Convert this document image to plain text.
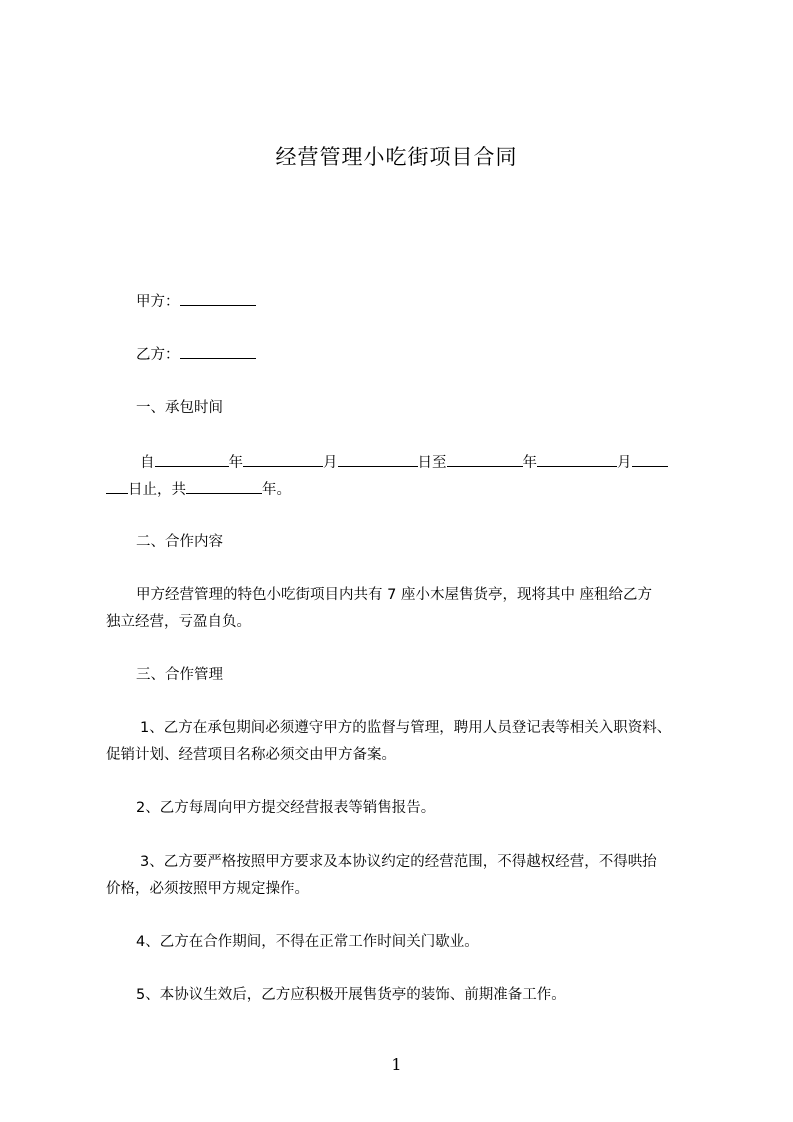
经营管理小吃街项目合同
甲方：
乙方：
一、承包时间
自	年	月	日至	年	月
日止，共	年。
二、合作内容
甲方经营管理的特色小吃街项目内共有 7 座小木屋售货亭，现将其中 座租给乙方
独立经营，亏盈自负。
三、合作管理
1、乙方在承包期间必须遵守甲方的监督与管理，聘用人员登记表等相关入职资料、
促销计划、经营项目名称必须交由甲方备案。
2、乙方每周向甲方提交经营报表等销售报告。
3、乙方要严格按照甲方要求及本协议约定的经营范围，不得越权经营，不得哄抬
价格，必须按照甲方规定操作。
4、乙方在合作期间，不得在正常工作时间关门歇业。
5、本协议生效后，乙方应积极开展售货亭的装饰、前期准备工作。
1
